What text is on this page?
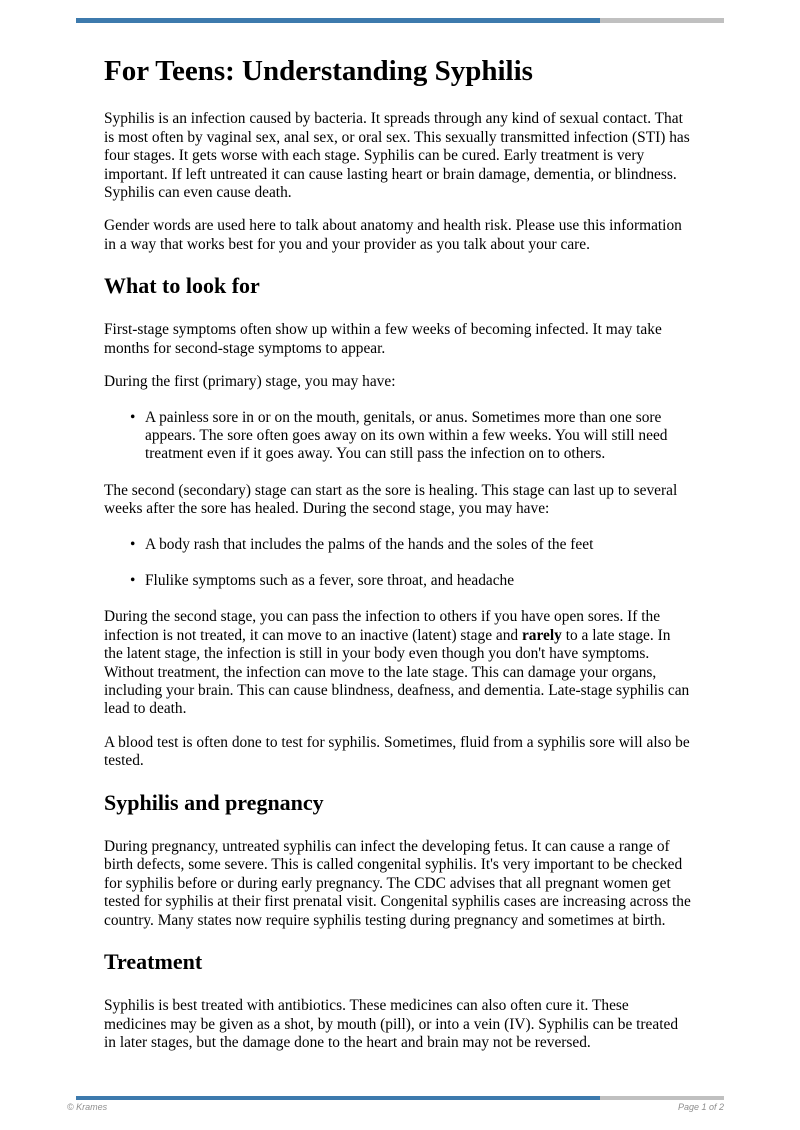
For Teens: Understanding Syphilis

Syphilis is an infection caused by bacteria. It spreads through any kind of sexual contact. That is most often by vaginal sex, anal sex, or oral sex. This sexually transmitted infection (STI) has four stages. It gets worse with each stage. Syphilis can be cured. Early treatment is very important. If left untreated it can cause lasting heart or brain damage, dementia, or blindness. Syphilis can even cause death.

Gender words are used here to talk about anatomy and health risk. Please use this information in a way that works best for you and your provider as you talk about your care.

What to look for

First-stage symptoms often show up within a few weeks of becoming infected. It may take months for second-stage symptoms to appear.

During the first (primary) stage, you may have:

• A painless sore in or on the mouth, genitals, or anus. Sometimes more than one sore appears. The sore often goes away on its own within a few weeks. You will still need treatment even if it goes away. You can still pass the infection on to others.

The second (secondary) stage can start as the sore is healing. This stage can last up to several weeks after the sore has healed. During the second stage, you may have:

• A body rash that includes the palms of the hands and the soles of the feet
• Flulike symptoms such as a fever, sore throat, and headache

During the second stage, you can pass the infection to others if you have open sores. If the infection is not treated, it can move to an inactive (latent) stage and rarely to a late stage. In the latent stage, the infection is still in your body even though you don't have symptoms. Without treatment, the infection can move to the late stage. This can damage your organs, including your brain. This can cause blindness, deafness, and dementia. Late-stage syphilis can lead to death.

A blood test is often done to test for syphilis. Sometimes, fluid from a syphilis sore will also be tested.

Syphilis and pregnancy

During pregnancy, untreated syphilis can infect the developing fetus. It can cause a range of birth defects, some severe. This is called congenital syphilis. It's very important to be checked for syphilis before or during early pregnancy. The CDC advises that all pregnant women get tested for syphilis at their first prenatal visit. Congenital syphilis cases are increasing across the country. Many states now require syphilis testing during pregnancy and sometimes at birth.

Treatment

Syphilis is best treated with antibiotics. These medicines can also often cure it. These medicines may be given as a shot, by mouth (pill), or into a vein (IV). Syphilis can be treated in later stages, but the damage done to the heart and brain may not be reversed.

© Krames	Page 1 of 2
